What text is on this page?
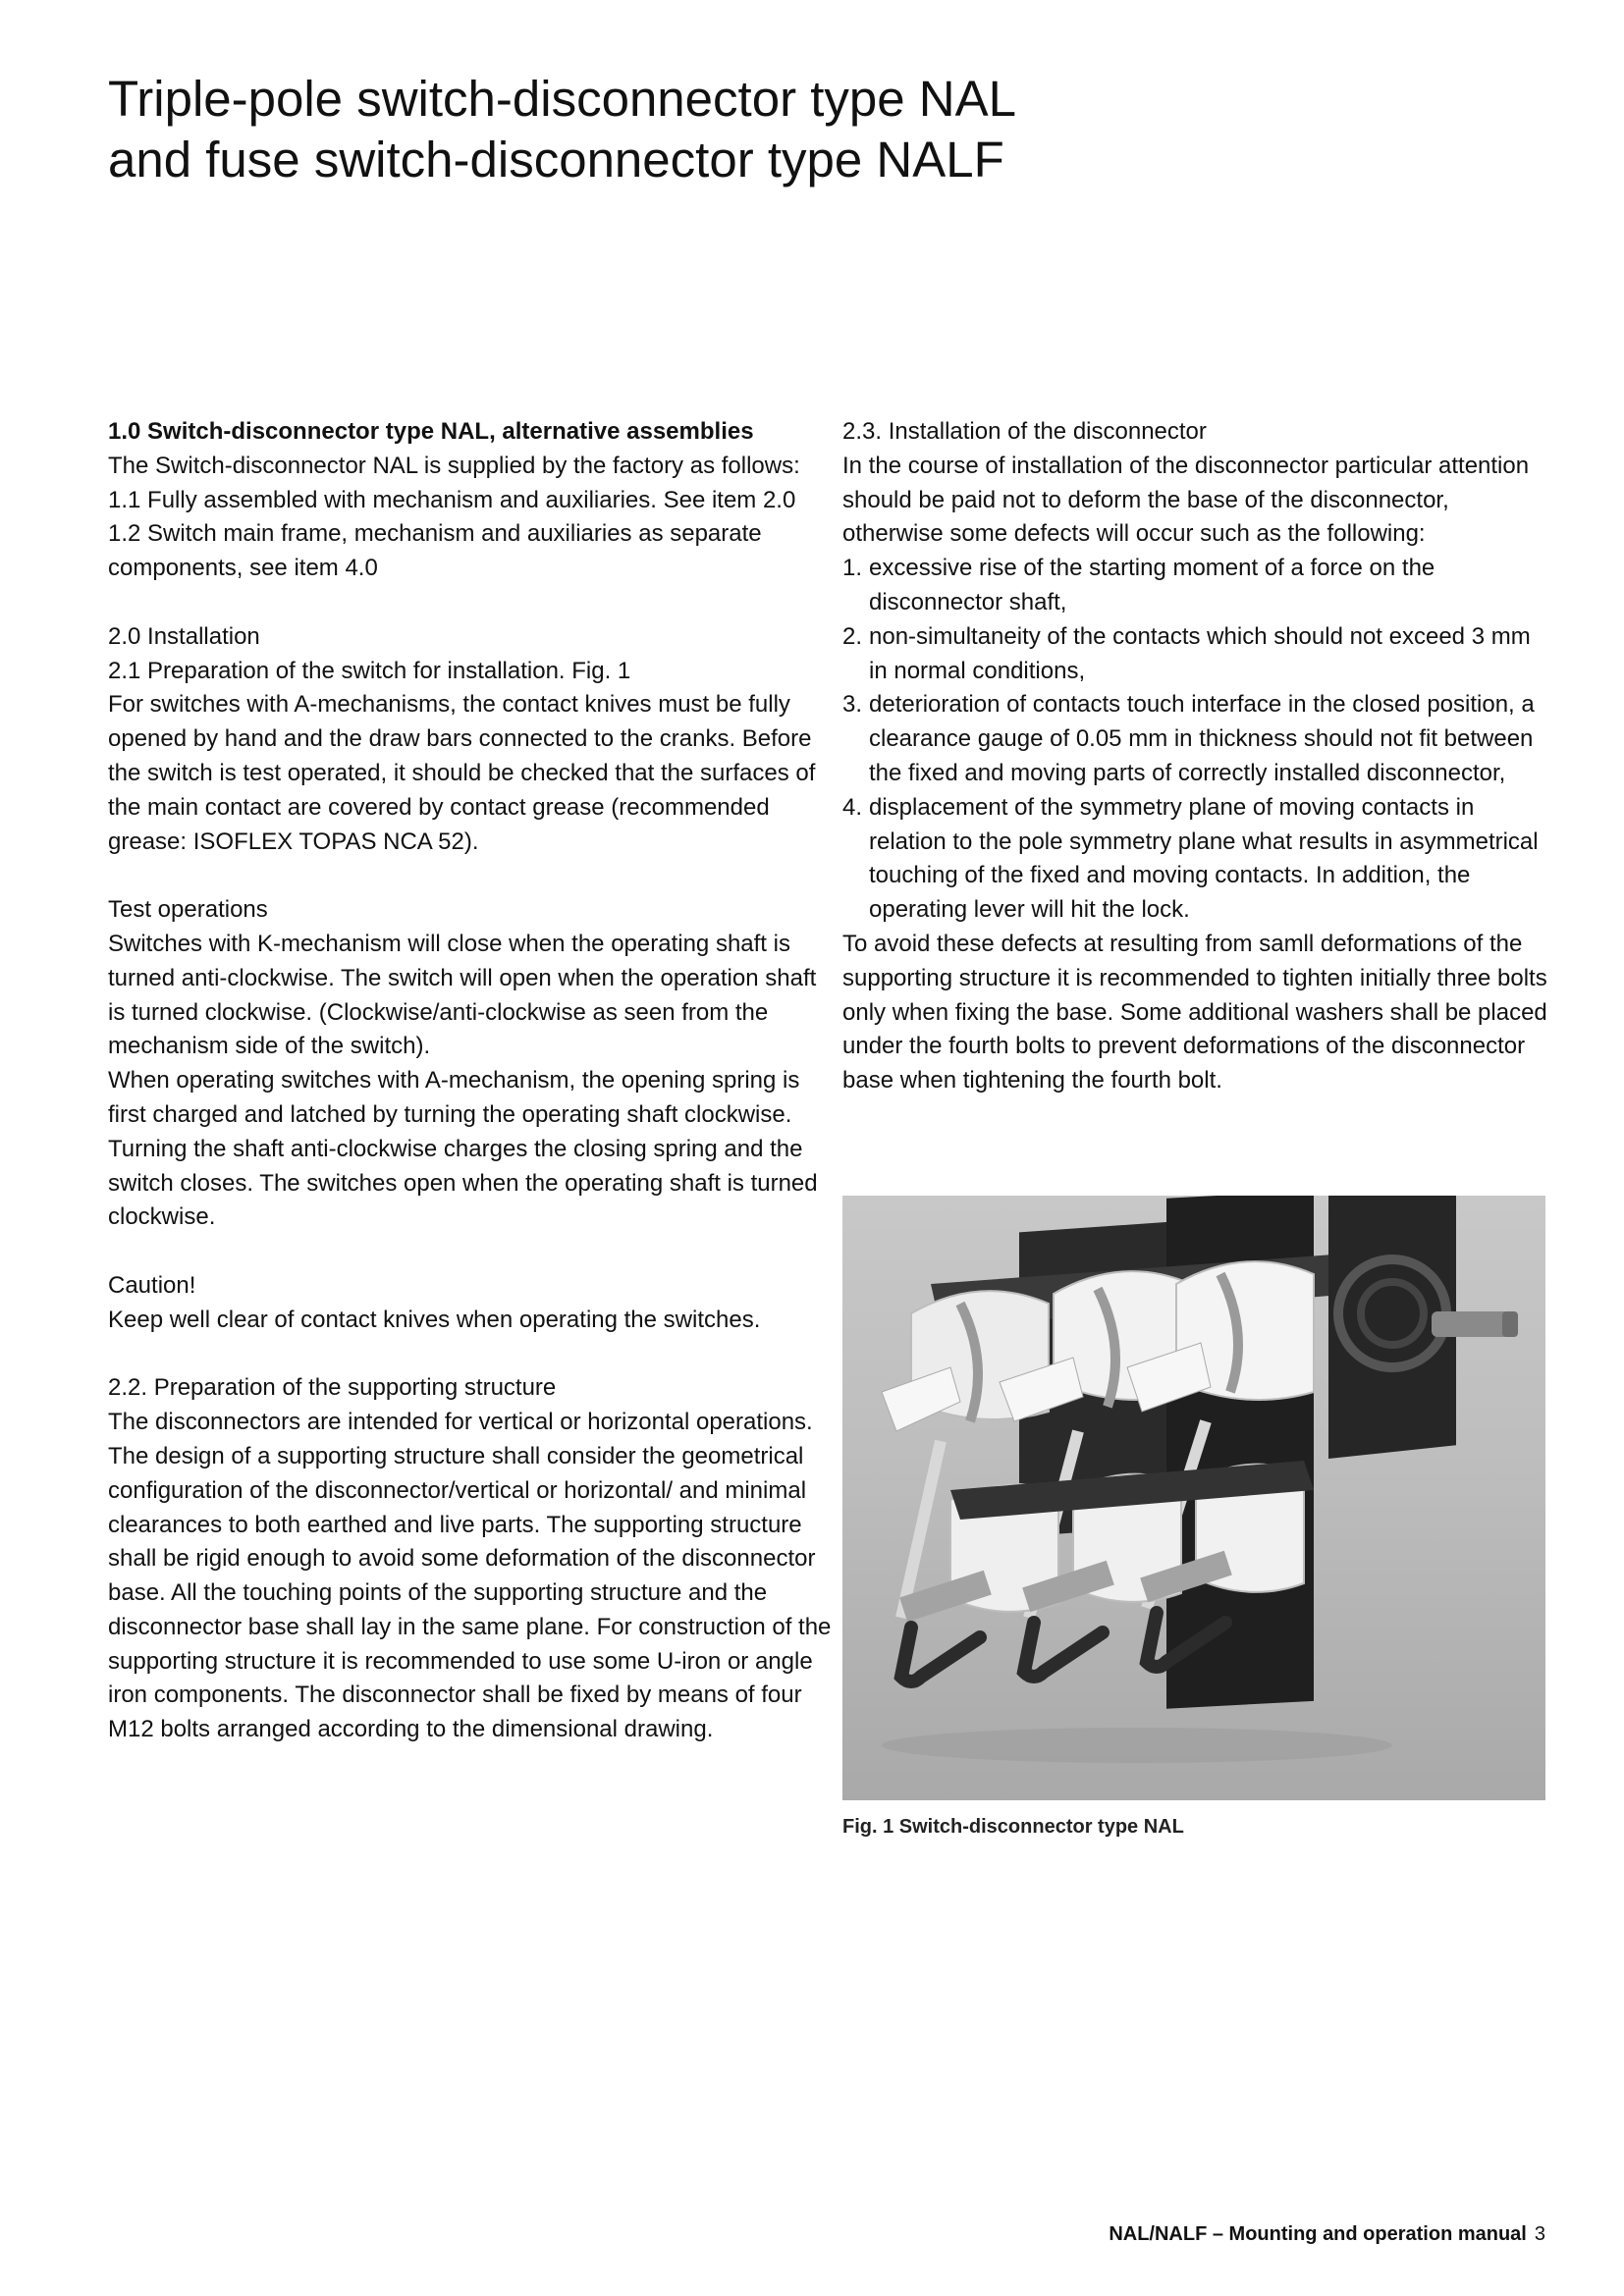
Triple-pole switch-disconnector type NAL
and fuse switch-disconnector type NALF

1.0 Switch-disconnector type NAL, alternative assemblies

The Switch-disconnector NAL is supplied by the factory as follows:

1.1 Fully assembled with mechanism and auxiliaries. See item 2.0

1.2 Switch main frame, mechanism and auxiliaries as separate components, see item 4.0

2.0 Installation

2.1 Preparation of the switch for installation. Fig. 1

For switches with A-mechanisms, the contact knives must be fully opened by hand and the draw bars connected to the cranks. Before the switch is test operated, it should be checked that the surfaces of the main contact are covered by contact grease (recommended grease: ISOFLEX TOPAS NCA 52).

Test operations

Switches with K-mechanism will close when the operating shaft is turned anti-clockwise. The switch will open when the operation shaft is turned clockwise. (Clockwise/anti-clockwise as seen from the mechanism side of the switch).

When operating switches with A-mechanism, the opening spring is first charged and latched by turning the operating shaft clockwise. Turning the shaft anti-clockwise charges the closing spring and the switch closes. The switches open when the operating shaft is turned clockwise.

Caution!

Keep well clear of contact knives when operating the switches.

2.2. Preparation of the supporting structure

The disconnectors are intended for vertical or horizontal operations. The design of a supporting structure shall consider the geometrical configuration of the disconnector/vertical or horizontal/ and minimal clearances to both earthed and live parts. The supporting structure shall be rigid enough to avoid some deformation of the disconnector base. All the touching points of the supporting structure and the disconnector base shall lay in the same plane. For construction of the supporting structure it is recommended to use some U-iron or angle iron components. The disconnector shall be fixed by means of four M12 bolts arranged according to the dimensional drawing.

2.3. Installation of the disconnector

In the course of installation of the disconnector particular attention should be paid not to deform the base of the disconnector, otherwise some defects will occur such as the following:

1. excessive rise of the starting moment of a force on the disconnector shaft,
2. non-simultaneity of the contacts which should not exceed 3 mm in normal conditions,
3. deterioration of contacts touch interface in the closed position, a clearance gauge of 0.05 mm in thickness should not fit between the fixed and moving parts of correctly installed disconnector,
4. displacement of the symmetry plane of moving contacts in relation to the pole symmetry plane what results in asymmetrical touching of the fixed and moving contacts. In addition, the operating lever will hit the lock.

To avoid these defects at resulting from samll deformations of the supporting structure it is recommended to tighten initially three bolts only when fixing the base. Some additional washers shall be placed under the fourth bolts to prevent deformations of the disconnector base when tightening the fourth bolt.

Fig. 1 Switch-disconnector type NAL
NAL/NALF – Mounting and operation manual 3
